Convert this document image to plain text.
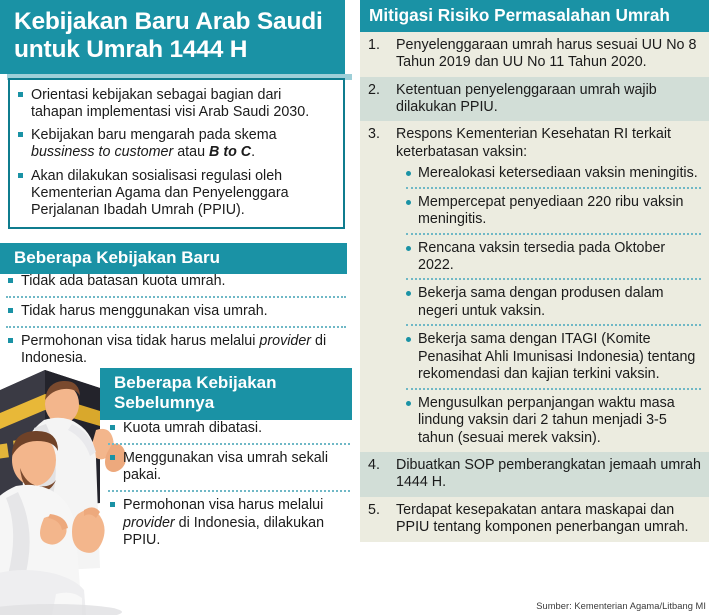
Kebijakan Baru Arab Saudi
untuk Umrah 1444 H
Orientasi kebijakan sebagai bagian dari tahapan implementasi visi Arab Saudi 2030.
Kebijakan baru mengarah pada skema bussiness to customer atau B to C.
Akan dilakukan sosialisasi regulasi oleh Kementerian Agama dan Penyelenggara Perjalanan Ibadah Umrah (PPIU).
Beberapa Kebijakan Baru
Tidak ada batasan kuota umrah.
Tidak harus menggunakan visa umrah.
Permohonan visa tidak harus melalui provider di Indonesia.
Beberapa Kebijakan
Sebelumnya
Kuota umrah dibatasi.
Menggunakan visa umrah sekali pakai.
Permohonan visa harus melalui provider di Indonesia, dilakukan PPIU.
Mitigasi Risiko Permasalahan Umrah
1. Penyelenggaraan umrah harus sesuai UU No 8 Tahun 2019 dan UU No 11 Tahun 2020.
2. Ketentuan penyelenggaraan umrah wajib dilakukan PPIU.
3. Respons Kementerian Kesehatan RI terkait keterbatasan vaksin:
Merealokasi ketersediaan vaksin meningitis.
Mempercepat penyediaan 220 ribu vaksin meningitis.
Rencana vaksin tersedia pada Oktober 2022.
Bekerja sama dengan produsen dalam negeri untuk vaksin.
Bekerja sama dengan ITAGI (Komite Penasihat Ahli Imunisasi Indonesia) tentang rekomendasi dan kajian terkini vaksin.
Mengusulkan perpanjangan waktu masa lindung vaksin dari 2 tahun menjadi 3-5 tahun (sesuai merek vaksin).
4. Dibuatkan SOP pemberangkatan jemaah umrah 1444 H.
5. Terdapat kesepakatan antara maskapai dan PPIU tentang komponen penerbangan umrah.
Sumber: Kementerian Agama/Litbang MI
